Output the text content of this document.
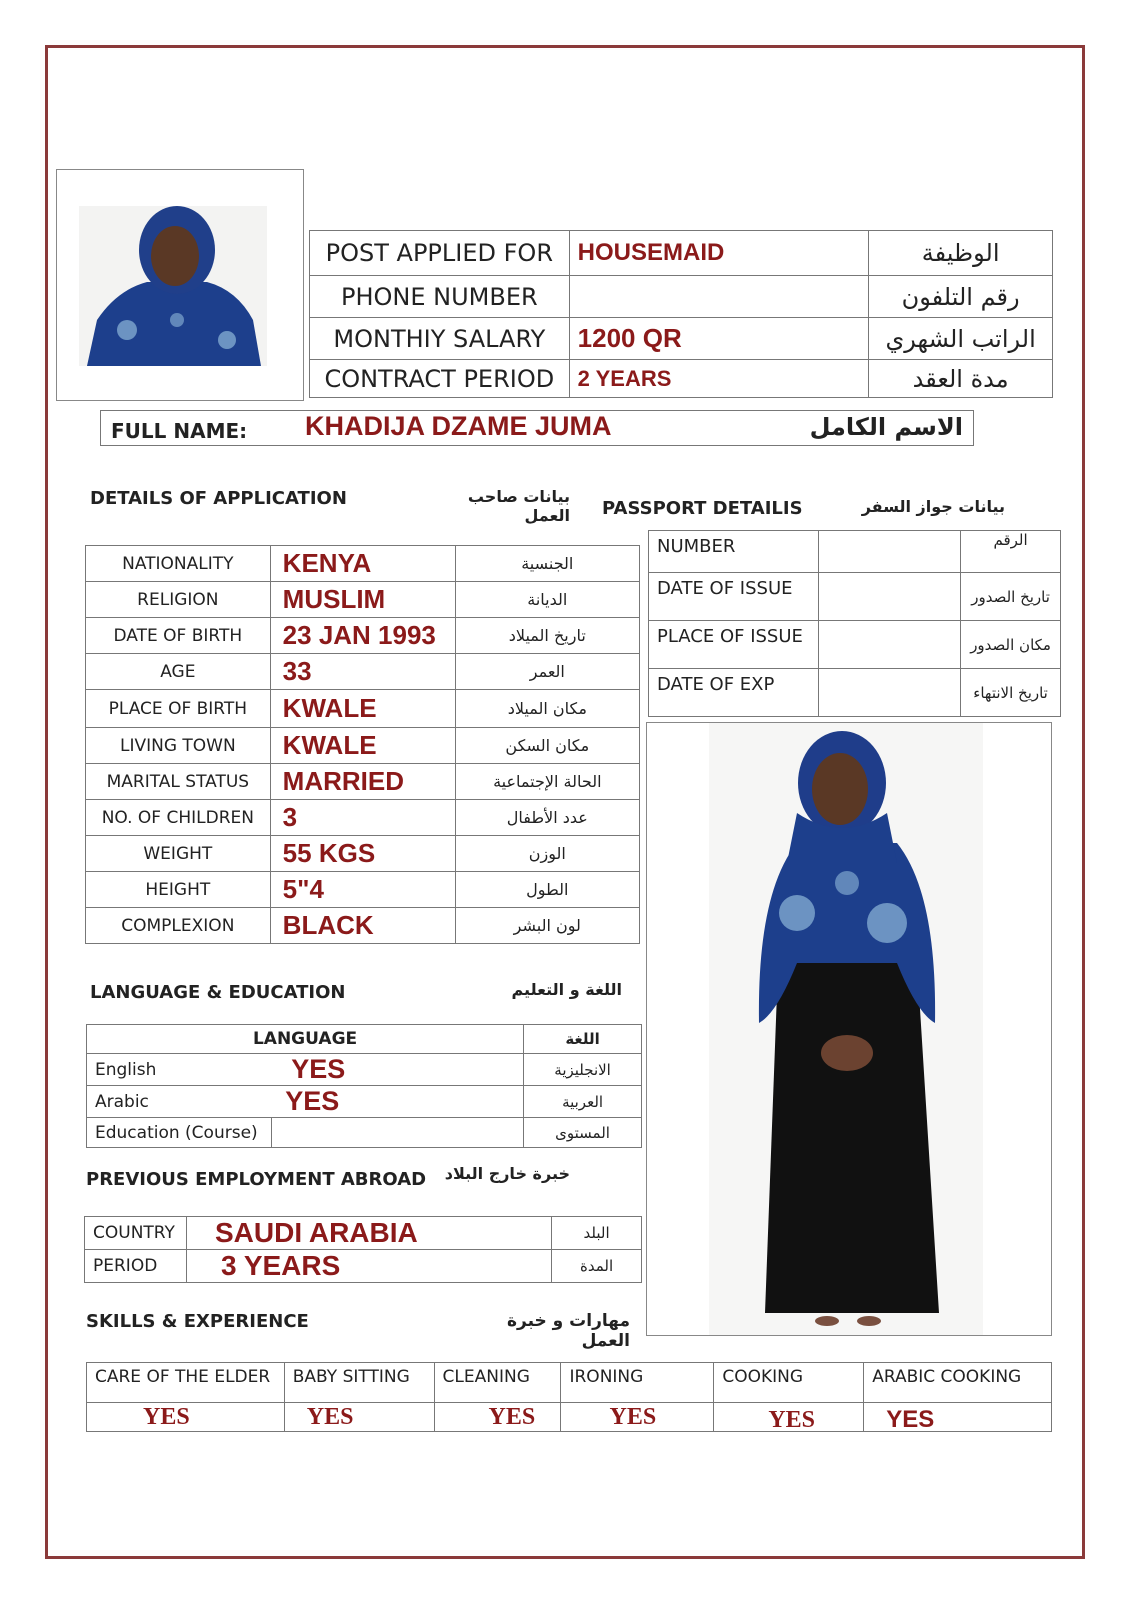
POST APPLIED FOR	HOUSEMAID	الوظيفة
PHONE NUMBER		رقم التلفون
MONTHIY SALARY	1200 QR	الراتب الشهري
CONTRACT PERIOD	2 YEARS	مدة العقد
FULL NAME: KHADIJA DZAME JUMA	الاسم الكامل
DETAILS OF APPLICATION	بيانات صاحب العمل
NATIONALITY	KENYA	الجنسية
RELIGION	MUSLIM	الديانة
DATE OF BIRTH	23 JAN 1993	تاريخ الميلاد
AGE	33	العمر
PLACE OF BIRTH	KWALE	مكان الميلاد
LIVING TOWN	KWALE	مكان السكن
MARITAL STATUS	MARRIED	الحالة الإجتماعية
NO. OF CHILDREN	3	عدد الأطفال
WEIGHT	55 KGS	الوزن
HEIGHT	5"4	الطول
COMPLEXION	BLACK	لون البشر
PASSPORT DETAILIS	بيانات جواز السفر
NUMBER		الرقم
DATE OF ISSUE		تاريخ الصدور
PLACE OF ISSUE		مكان الصدور
DATE OF EXP		تاريخ الانتهاء
LANGUAGE & EDUCATION	اللغة و التعليم
LANGUAGE		اللغة
English	YES	الانجليزية
Arabic	YES	العربية
Education (Course)		المستوى
PREVIOUS EMPLOYMENT ABROAD خبرة خارج البلاد
COUNTRY	SAUDI ARABIA	البلد
PERIOD	3 YEARS	المدة
SKILLS & EXPERIENCE	مهارات و خبرة العمل
CARE OF THE ELDER	BABY SITTING	CLEANING	IRONING	COOKING	ARABIC COOKING
YES	YES	YES	YES	YES	YES
